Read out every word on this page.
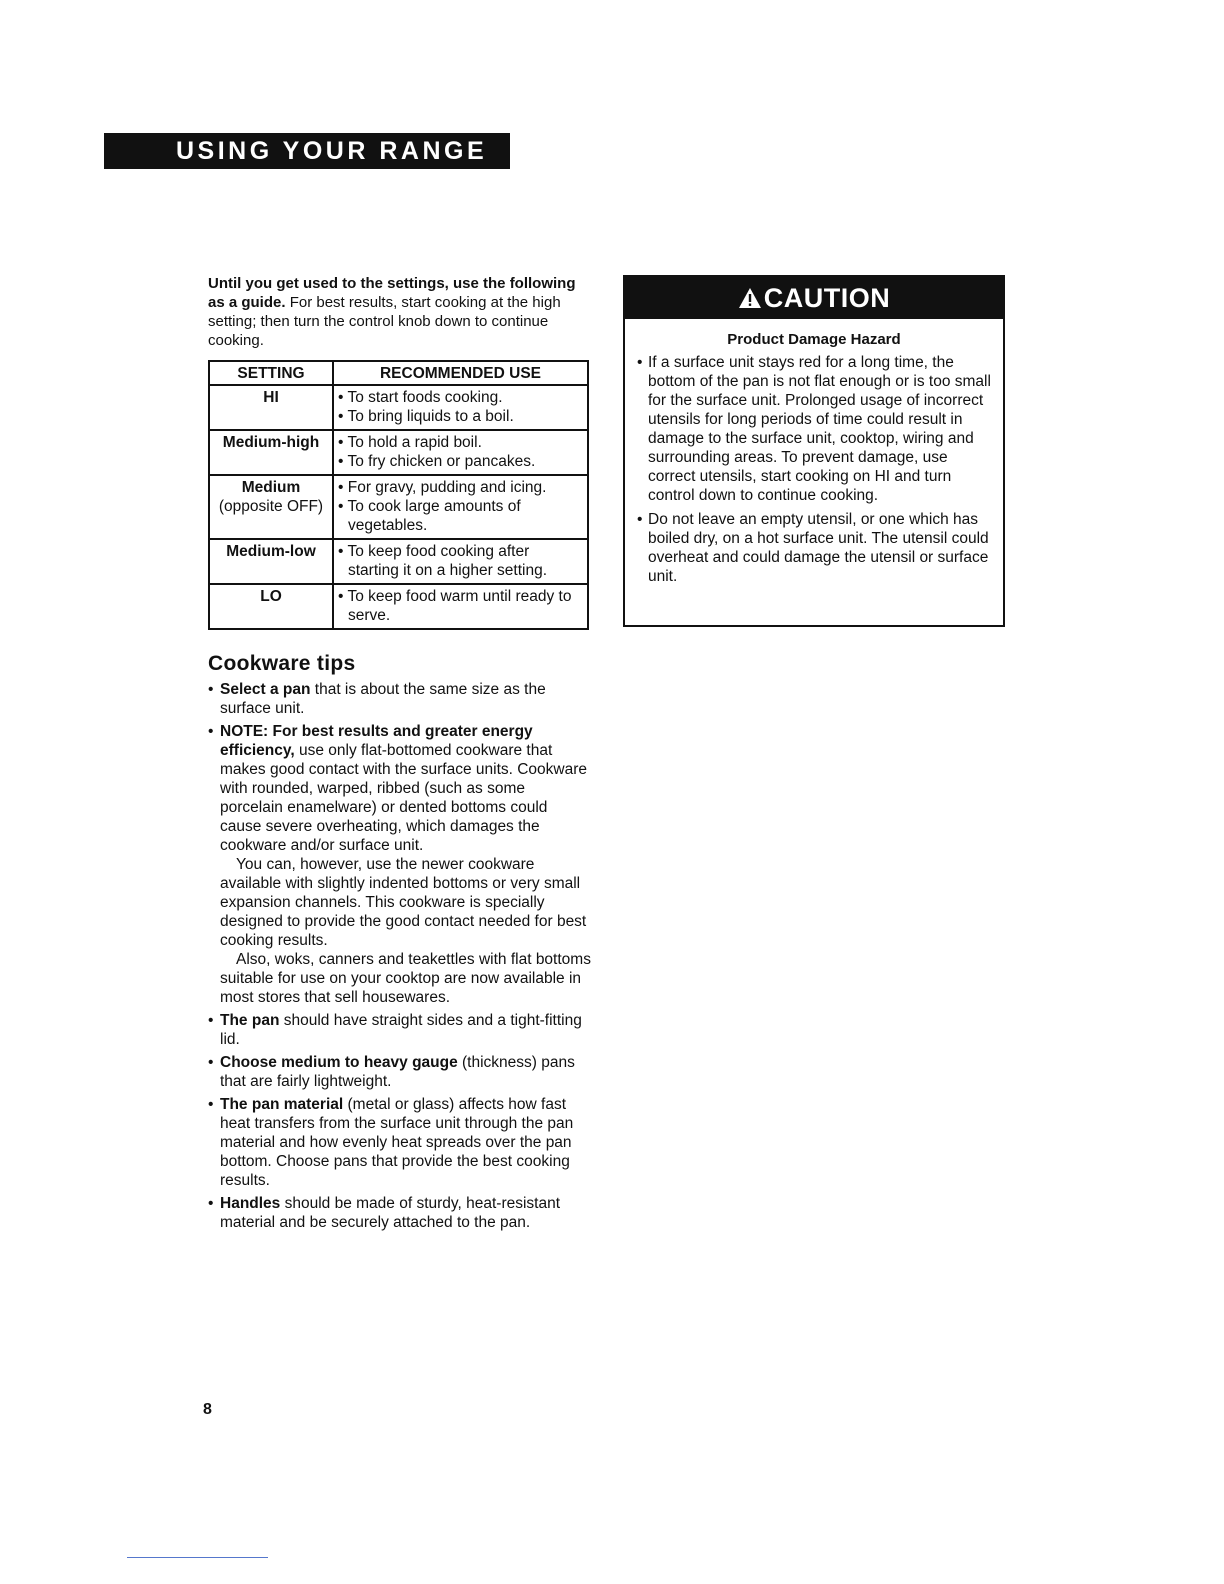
USING YOUR RANGE

Until you get used to the settings, use the following as a guide. For best results, start cooking at the high setting; then turn the control knob down to continue cooking.

SETTING	RECOMMENDED USE

HI	• To start foods cooking.
• To bring liquids to a boil.

Medium-high	• To hold a rapid boil.
• To fry chicken or pancakes.

Medium
(opposite OFF)	• For gravy, pudding and icing.
• To cook large amounts of vegetables.

Medium-low	• To keep food cooking after starting it on a higher setting.

LO	• To keep food warm until ready to serve.
Cookware tips
• Select a pan that is about the same size as the surface unit.

• NOTE: For best results and greater energy efficiency, use only flat-bottomed cookware that makes good contact with the surface units. Cookware with rounded, warped, ribbed (such as some porcelain enamelware) or dented bottoms could cause severe overheating, which damages the cookware and/or surface unit.

You can, however, use the newer cookware available with slightly indented bottoms or very small expansion channels. This cookware is specially designed to provide the good contact needed for best cooking results.

Also, woks, canners and teakettles with flat bottoms suitable for use on your cooktop are now available in most stores that sell housewares.

• The pan should have straight sides and a tight-fitting lid.

• Choose medium to heavy gauge (thickness) pans that are fairly lightweight.

• The pan material (metal or glass) affects how fast heat transfers from the surface unit through the pan material and how evenly heat spreads over the pan bottom. Choose pans that provide the best cooking results.

• Handles should be made of sturdy, heat-resistant material and be securely attached to the pan.

CAUTION
Product Damage Hazard
• If a surface unit stays red for a long time, the bottom of the pan is not flat enough or is too small for the surface unit. Prolonged usage of incorrect utensils for long periods of time could result in damage to the surface unit, cooktop, wiring and surrounding areas. To prevent damage, use correct utensils, start cooking on HI and turn control down to continue cooking.
• Do not leave an empty utensil, or one which has boiled dry, on a hot surface unit. The utensil could overheat and could damage the utensil or surface unit.
8
